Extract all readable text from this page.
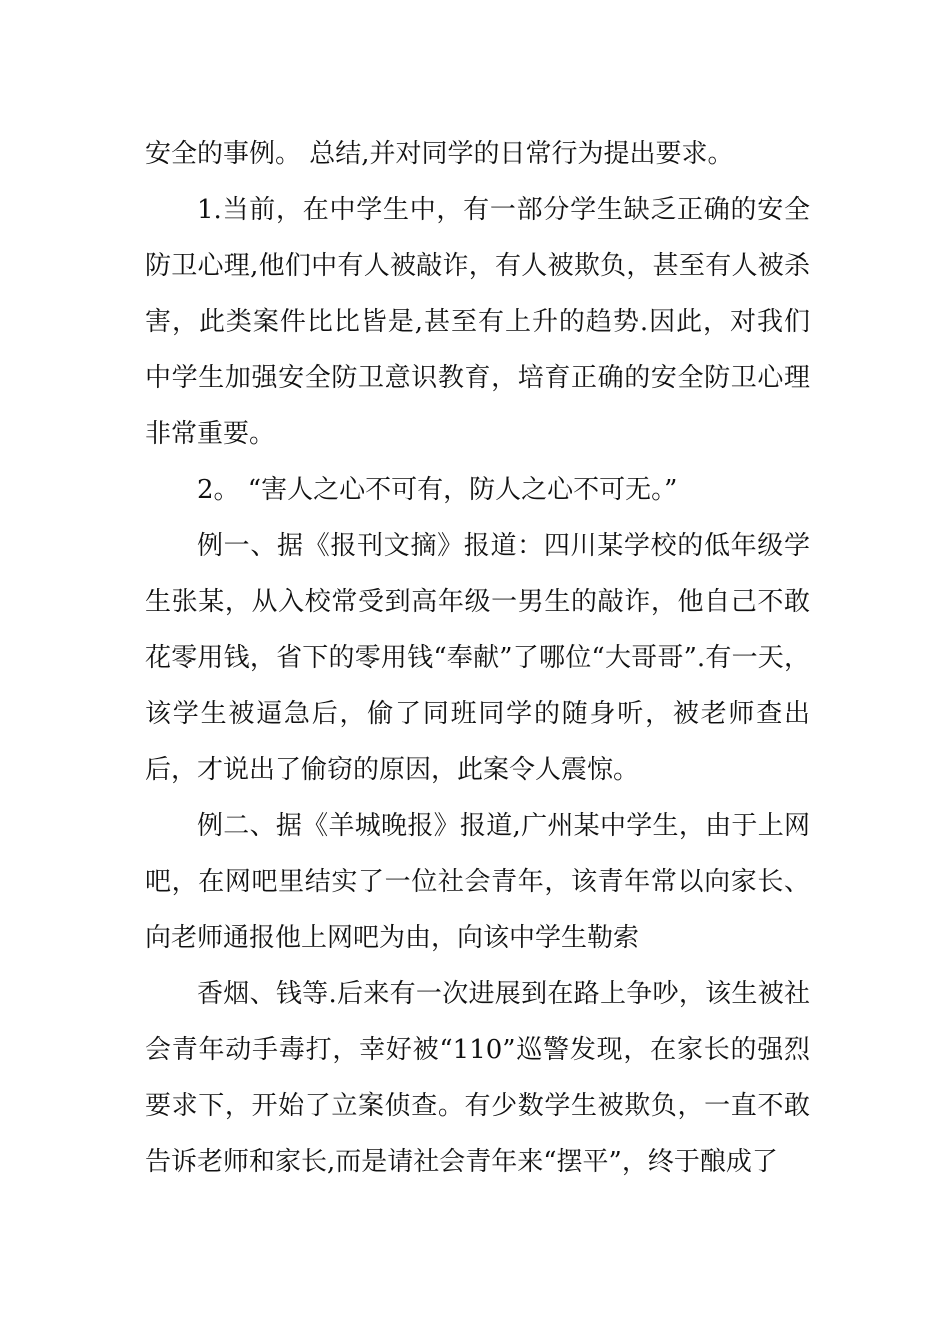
安全的事例。 总结,并对同学的日常行为提出要求。

1.当前，在中学生中，有一部分学生缺乏正确的安全防卫心理,他们中有人被敲诈，有人被欺负，甚至有人被杀害，此类案件比比皆是,甚至有上升的趋势.因此，对我们中学生加强安全防卫意识教育，培育正确的安全防卫心理非常重要。

2。 “害人之心不可有，防人之心不可无。”

例一、据《报刊文摘》报道：四川某学校的低年级学生张某，从入校常受到高年级一男生的敲诈，他自己不敢花零用钱，省下的零用钱“奉献”了哪位“大哥哥”.有一天，该学生被逼急后，偷了同班同学的随身听，被老师查出后，才说出了偷窃的原因，此案令人震惊。

例二、据《羊城晚报》报道,广州某中学生，由于上网吧，在网吧里结实了一位社会青年，该青年常以向家长、向老师通报他上网吧为由，向该中学生勒索

香烟、钱等.后来有一次进展到在路上争吵，该生被社会青年动手毒打，幸好被“110”巡警发现，在家长的强烈要求下，开始了立案侦查。有少数学生被欺负，一直不敢告诉老师和家长,而是请社会青年来“摆平”，终于酿成了
